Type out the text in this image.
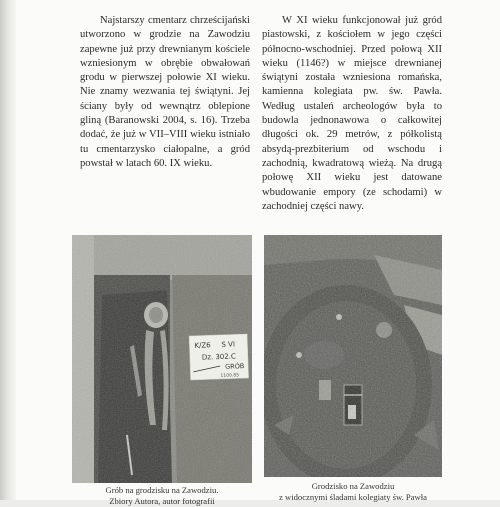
Najstarszy cmentarz chrześcijański utworzono w grodzie na Zawodziu zapewne już przy drewnianym kościele wzniesionym w obrębie obwałowań grodu w pierwszej połowie XI wieku. Nie znamy wezwania tej świątyni. Jej ściany były od wewnątrz oblepione gliną (Baranowski 2004, s. 16). Trzeba dodać, że już w VII–VIII wieku istniało tu cmentarzysko ciałopalne, a gród powstał w latach 60. IX wieku.

W XI wieku funkcjonował już gród piastowski, z kościołem w jego części północno-wschodniej. Przed połową XII wieku (1146?) w miejsce drewnianej świątyni została wzniesiona romańska, kamienna kolegiata pw. św. Pawła. Według ustaleń archeologów była to budowla jednonawowa o całkowitej długości ok. 29 metrów, z półkolistą absydą-prezbiterium od wschodu i zachodnią, kwadratową wieżą. Na drugą połowę XII wieku jest datowane wbudowanie empory (ze schodami) w zachodniej części nawy.

K/Z6 S VI
Dz. 302.C
GRÓB
1100.85
Grób na grodzisku na Zawodziu.
Zbiory Autora, autor fotografii
Grodzisko na Zawodziu
z widocznymi śladami kolegiaty św. Pawła
